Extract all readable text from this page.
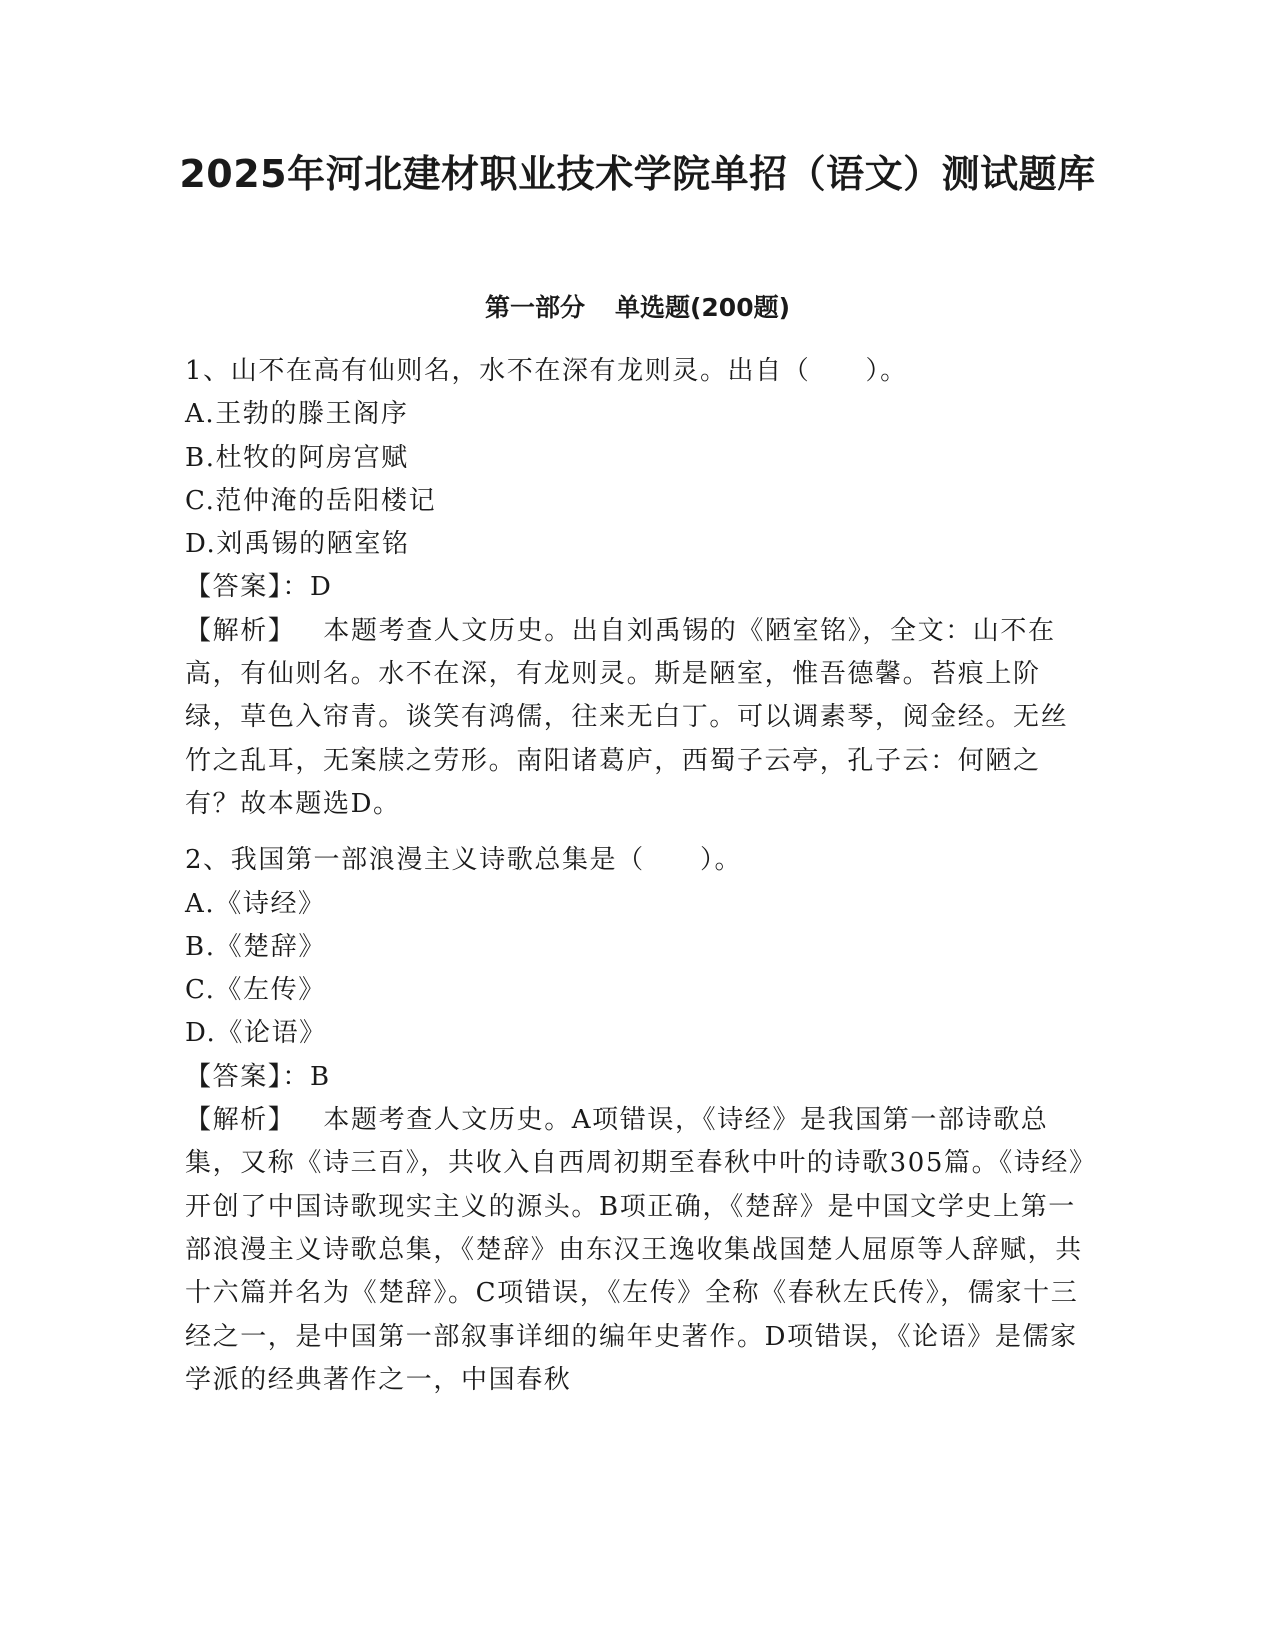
2025年河北建材职业技术学院单招（语文）测试题库
第一部分 单选题(200题)

1、山不在高有仙则名，水不在深有龙则灵。出自（　　）。

A.王勃的滕王阁序

B.杜牧的阿房宫赋

C.范仲淹的岳阳楼记

D.刘禹锡的陋室铭

【答案】：D

【解析】 本题考查人文历史。出自刘禹锡的《陋室铭》，全文：山不在高，有仙则名。水不在深，有龙则灵。斯是陋室，惟吾德馨。苔痕上阶绿，草色入帘青。谈笑有鸿儒，往来无白丁。可以调素琴，阅金经。无丝竹之乱耳，无案牍之劳形。南阳诸葛庐，西蜀子云亭，孔子云：何陋之有？故本题选D。

2、我国第一部浪漫主义诗歌总集是（　　）。

A.《诗经》

B.《楚辞》

C.《左传》

D.《论语》

【答案】：B

【解析】 本题考查人文历史。A项错误，《诗经》是我国第一部诗歌总集，又称《诗三百》，共收入自西周初期至春秋中叶的诗歌305篇。《诗经》开创了中国诗歌现实主义的源头。B项正确，《楚辞》是中国文学史上第一部浪漫主义诗歌总集，《楚辞》由东汉王逸收集战国楚人屈原等人辞赋，共十六篇并名为《楚辞》。C项错误，《左传》全称《春秋左氏传》，儒家十三经之一，是中国第一部叙事详细的编年史著作。D项错误，《论语》是儒家学派的经典著作之一，中国春秋
